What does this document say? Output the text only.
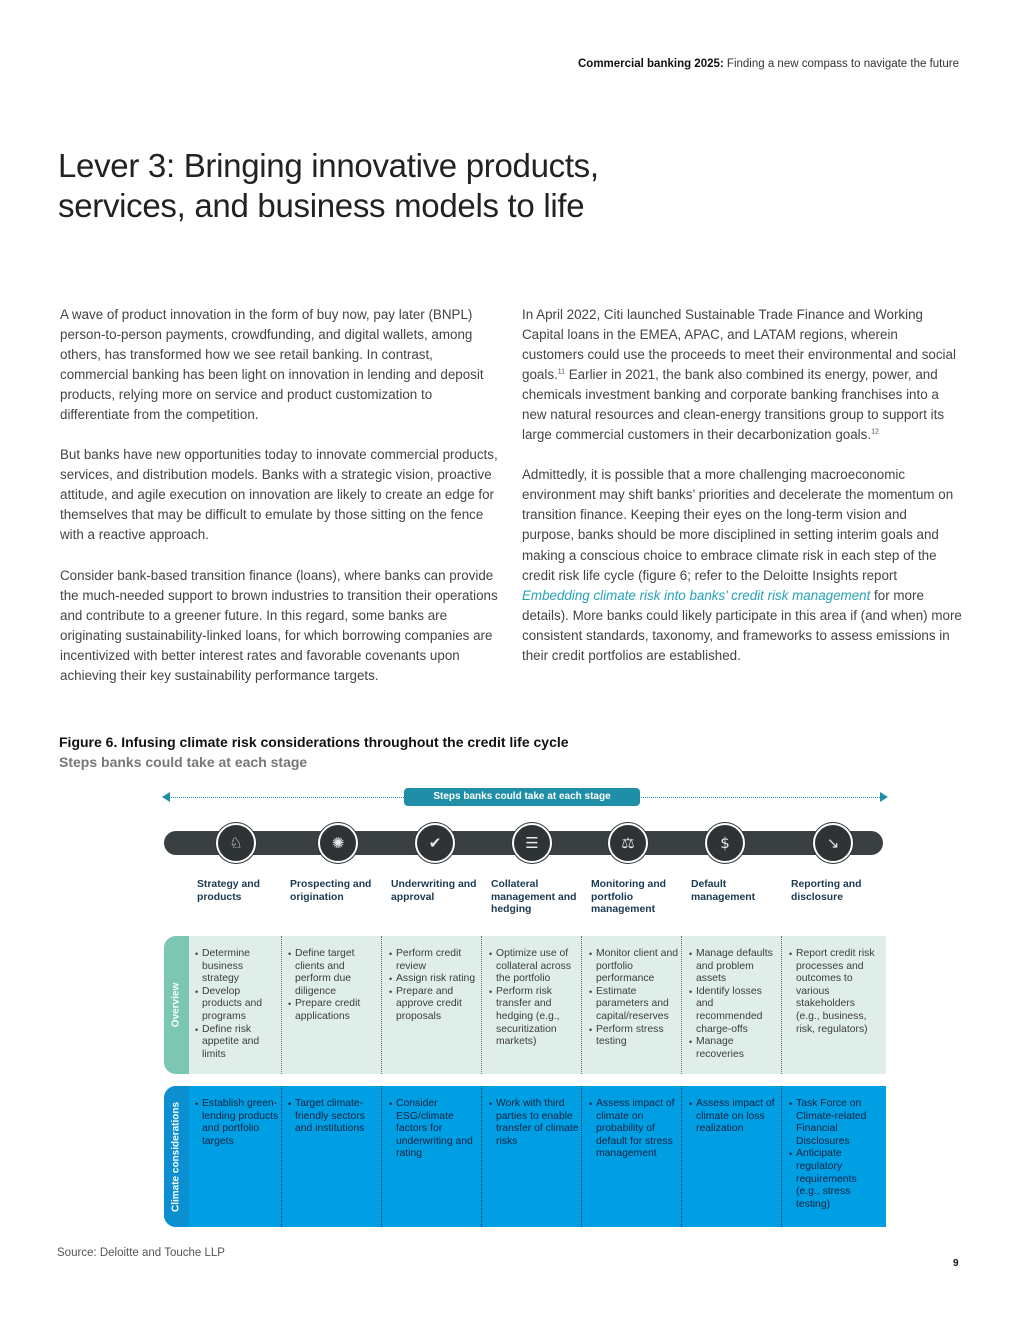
Commercial banking 2025: Finding a new compass to navigate the future
Lever 3: Bringing innovative products, services, and business models to life

A wave of product innovation in the form of buy now, pay later (BNPL) person-to-person payments, crowdfunding, and digital wallets, among others, has transformed how we see retail banking. In contrast, commercial banking has been light on innovation in lending and deposit products, relying more on service and product customization to differentiate from the competition.

But banks have new opportunities today to innovate commercial products, services, and distribution models. Banks with a strategic vision, proactive attitude, and agile execution on innovation are likely to create an edge for themselves that may be difficult to emulate by those sitting on the fence with a reactive approach.

Consider bank-based transition finance (loans), where banks can provide the much-needed support to brown industries to transition their operations and contribute to a greener future. In this regard, some banks are originating sustainability-linked loans, for which borrowing companies are incentivized with better interest rates and favorable covenants upon achieving their key sustainability performance targets.

In April 2022, Citi launched Sustainable Trade Finance and Working Capital loans in the EMEA, APAC, and LATAM regions, wherein customers could use the proceeds to meet their environmental and social goals.$^{11}$ Earlier in 2021, the bank also combined its energy, power, and chemicals investment banking and corporate banking franchises into a new natural resources and clean-energy transitions group to support its large commercial customers in their decarbonization goals.$^{12}$

Admittedly, it is possible that a more challenging macroeconomic environment may shift banks’ priorities and decelerate the momentum on transition finance. Keeping their eyes on the long-term vision and purpose, banks should be more disciplined in setting interim goals and making a conscious choice to embrace climate risk in each step of the credit risk life cycle (figure 6; refer to the Deloitte Insights report Embedding climate risk into banks’ credit risk management for more details). More banks could likely participate in this area if (and when) more consistent standards, taxonomy, and frameworks to assess emissions in their credit portfolios are established.

Figure 6. Infusing climate risk considerations throughout the credit life cycle
Steps banks could take at each stage
Steps banks could take at each stage
Overview
• Determine business strategy
• Develop products and programs
• Define risk appetite and limits
• Define target clients and perform due diligence
• Prepare credit applications
• Perform credit review
• Assign risk rating
• Prepare and approve credit proposals
• Optimize use of collateral across the portfolio
• Perform risk transfer and hedging (e.g., securitization markets)
• Monitor client and portfolio performance
• Estimate parameters and capital/reserves
• Perform stress testing
• Manage defaults and problem assets
• Identify losses and recommended charge-offs
• Manage recoveries
• Report credit risk processes and outcomes to various stakeholders (e.g., business, risk, regulators)
Climate considerations
•	Establish green-lending products and portfolio targets
• Target climate-friendly sectors and institutions
• Consider ESG/climate factors for underwriting and rating
• Work with third parties to enable transfer of climate risks
• Assess impact of climate on probability of default for stress management
• Assess impact of climate on loss realization
• Task Force on Climate-related Financial Disclosures
• Anticipate regulatory requirements (e.g., stress testing)
♘
Strategy and products
✺
Prospecting and origination
✔
Underwriting and approval
☰
Collateral management and hedging
⚖
Monitoring and portfolio management
$
Default management
↘
Reporting and disclosure
Source: Deloitte and Touche LLP
9
